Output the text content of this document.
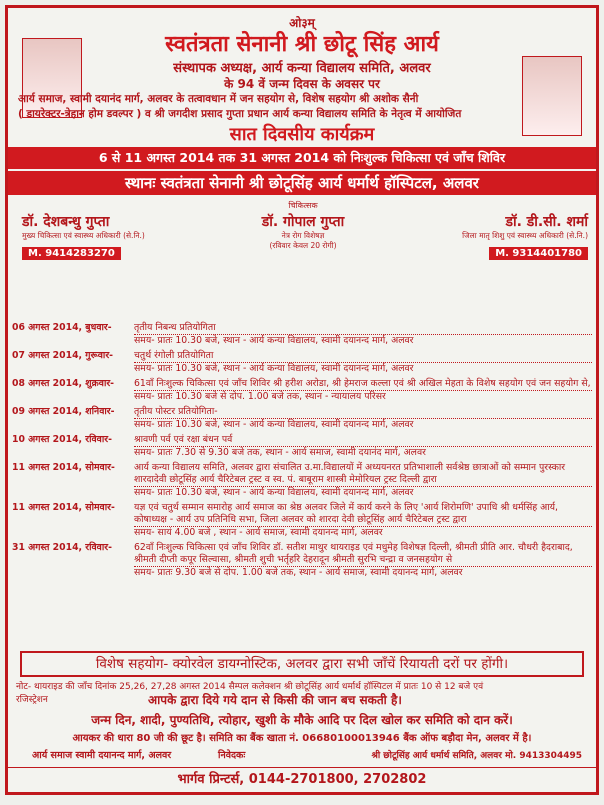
ओ३म्
स्वतंत्रता सेनानी श्री छोटू सिंह आर्य
संस्थापक अध्यक्ष, आर्य कन्या विद्यालय समिति, अलवर
के 94 वें जन्म दिवस के अवसर पर
आर्य समाज, स्वामी दयानंद मार्ग, अलवर के तत्वावधान में जन सहयोग से, विशेष सहयोग श्री अशोक सैनी
( डायरेक्टर-त्रेहान होम डवल्पर ) व श्री जगदीश प्रसाद गुप्ता प्रधान आर्य कन्या विद्यालय समिति के नेतृत्व में आयोजित
सात दिवसीय कार्यक्रम
6 से 11 अगस्त 2014 तक 31 अगस्त 2014 को निःशुल्क चिकित्सा एवं जाँच शिविर
स्थानः स्वतंत्रता सेनानी श्री छोटूसिंह आर्य धर्मार्थ हॉस्पिटल, अलवर
चिकित्सक
डॉ. देशबन्धु गुप्ता
मुख्य चिकित्सा एवं स्वास्थ्य अधिकारी (से.नि.)
M. 9414283270
डॉ. गोपाल गुप्ता
नेत्र रोग विशेषज्ञ
(रविवार केवल 20 रोगी)
डॉ. डी.सी. शर्मा
जिला मातृ शिशु एवं स्वास्थ्य अधिकारी (से.नि.)
M. 9314401780
06 अगस्त 2014, बुधवार-	तृतीय निबन्ध प्रतियोगिता
समय- प्रातः 10.30 बजे, स्थान - आर्य कन्या विद्यालय, स्वामी दयानन्द मार्ग, अलवर
07 अगस्त 2014, गुरूवार-	चतुर्थ रंगोली प्रतियोगिता
समय- प्रातः 10.30 बजे, स्थान - आर्य कन्या विद्यालय, स्वामी दयानन्द मार्ग, अलवर
08 अगस्त 2014, शुक्रवार-	61वाँ निःशुल्क चिकित्सा एवं जाँच शिविर श्री हरीश अरोडा, श्री हेमराज कल्ला एवं श्री अखिल मेहता के विशेष सहयोग एवं जन सहयोग से,
समय- प्रातः 10.30 बजे से दोप. 1.00 बजे तक, स्थान - न्यायालय परिसर
09 अगस्त 2014, शनिवार-	तृतीय पोस्टर प्रतियोगिता-
समय- प्रातः 10.30 बजे, स्थान - आर्य कन्या विद्यालय, स्वामी दयानन्द मार्ग, अलवर
10 अगस्त 2014, रविवार-	श्रावणी पर्व एवं रक्षा बंधन पर्व
समय- प्रातः 7.30 से 9.30 बजे तक, स्थान - आर्य समाज, स्वामी दयानंद मार्ग, अलवर
11 अगस्त 2014, सोमवार-	आर्य कन्या विद्यालय समिति, अलवर द्वारा संचालित उ.मा.विद्यालयों में अध्ययनरत प्रतिभाशाली सर्वश्रेष्ठ छात्राओं को सम्मान पुरस्कार शारदादेवी छोटूसिंह आर्य चैरिटेबल ट्रस्ट व स्व. पं. बाबूराम शास्त्री मेमोरियल ट्रस्ट दिल्ली द्वारा
समय- प्रातः 10.30 बजे, स्थान - आर्य कन्या विद्यालय, स्वामी दयानन्द मार्ग, अलवर
11 अगस्त 2014, सोमवार-	यज्ञ एवं चतुर्थ सम्मान समारोह आर्य समाज का श्रेष्ठ अलवर जिले में कार्य करने के लिए 'आर्य शिरोमणि' उपाधि श्री धर्मसिंह आर्य, कोषाध्यक्ष - आर्य उप प्रतिनिधि सभा, जिला अलवर को शारदा देवी छोटूसिंह आर्य चैरिटेबल ट्रस्ट द्वारा
समय- सायं 4.00 बजे , स्थान - आर्य समाज, स्वामी दयानन्द मार्ग, अलवर
31 अगस्त 2014, रविवार-	62वाँ निःशुल्क चिकित्सा एवं जाँच शिविर डॉ. सतीश माथुर थायराइड एवं मधुमेह विशेषज्ञ दिल्ली, श्रीमती प्रीति आर. चौधरी हैदराबाद, श्रीमती दीप्ती कपूर सिल्वासा, श्रीमती शुची भर्तृहरि देहरादून श्रीमती सुरभि चन्द्रा व जनसहयोग से
समय- प्रातः 9.30 बजे से दोप. 1.00 बजे तक, स्थान - आर्य समाज, स्वामी दयानन्द मार्ग, अलवर
विशेष सहयोग- क्योरवेल डायग्नोस्टिक, अलवर द्वारा सभी जाँचें रियायती दरों पर होंगी।
नोट- थायराइड की जाँच दिनांक 25,26, 27,28 अगस्त 2014 सैम्पल कलेक्शन श्री छोटूसिंह आर्य धर्मार्थ हॉस्पिटल में प्रातः 10 से 12 बजे एवं
रजिस्ट्रेशन	आपके द्वारा दिये गये दान से किसी की जान बच सकती है।
जन्म दिन, शादी, पुण्यतिथि, त्योहार, खुशी के मौके आदि पर दिल खोल कर समिति को दान करें।
आयकर की धारा 80 जी की छूट है। समिति का बैंक खाता नं. 06680100013946 बैंक ऑफ बड़ौदा मेन, अलवर में है।
आर्य समाज स्वामी दयानन्द मार्ग, अलवर	निवेदकः	श्री छोटूसिंह आर्य धर्मार्थ समिति, अलवर मो. 9413304495
भार्गव प्रिन्टर्स, 0144-2701800, 2702802
